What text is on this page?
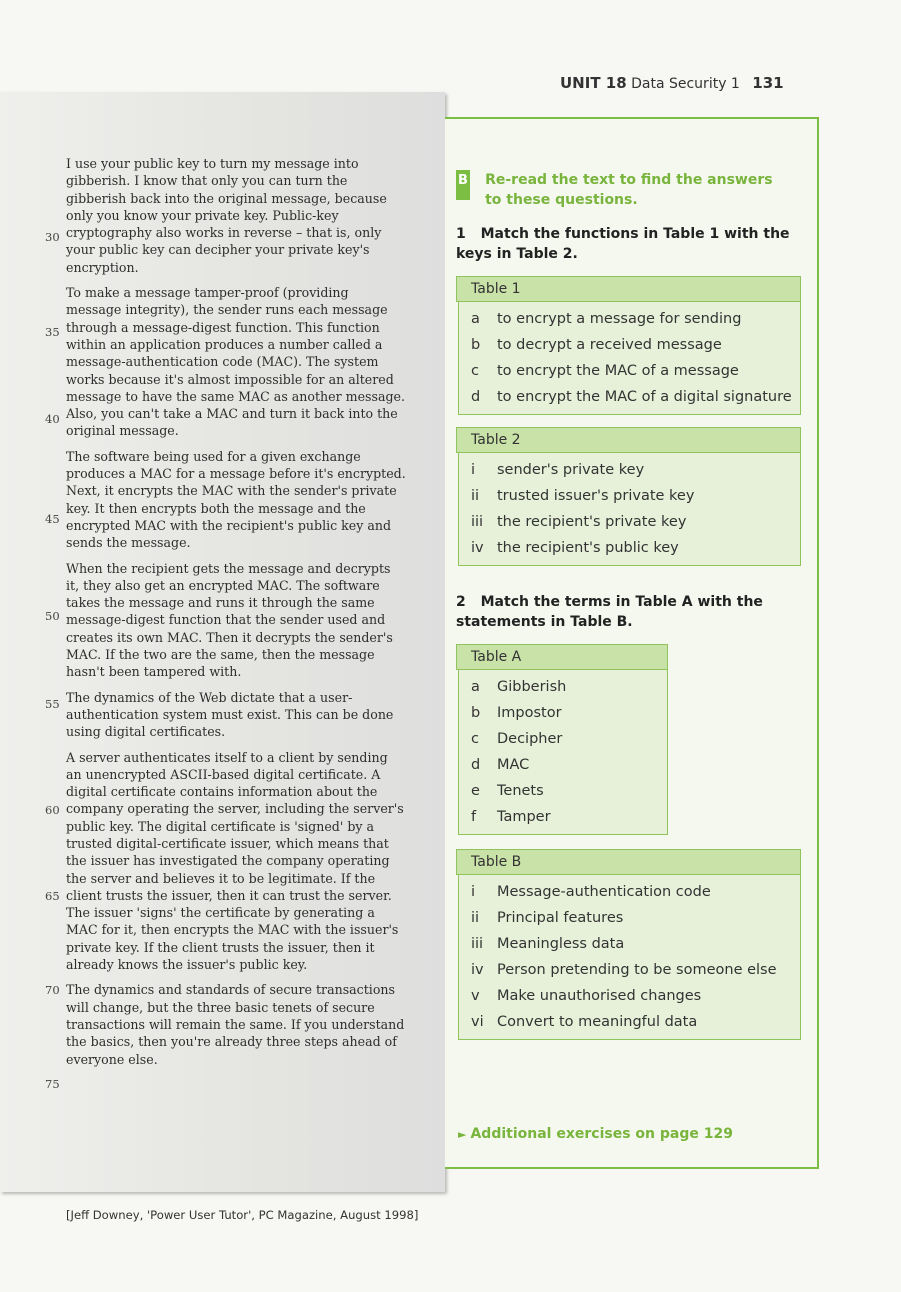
UNIT 18 Data Security 1 131

I use your public key to turn my message into gibberish. I know that only you can turn the gibberish back into the original message, because only you know your private key. Public-key cryptography also works in reverse – that is, only your public key can decipher your private key's encryption.

To make a message tamper-proof (providing message integrity), the sender runs each message through a message-digest function. This function within an application produces a number called a message-authentication code (MAC). The system works because it's almost impossible for an altered message to have the same MAC as another message. Also, you can't take a MAC and turn it back into the original message.

The software being used for a given exchange produces a MAC for a message before it's encrypted. Next, it encrypts the MAC with the sender's private key. It then encrypts both the message and the encrypted MAC with the recipient's public key and sends the message.

When the recipient gets the message and decrypts it, they also get an encrypted MAC. The software takes the message and runs it through the same message-digest function that the sender used and creates its own MAC. Then it decrypts the sender's MAC. If the two are the same, then the message hasn't been tampered with.

The dynamics of the Web dictate that a user-authentication system must exist. This can be done using digital certificates.

A server authenticates itself to a client by sending an unencrypted ASCII-based digital certificate. A digital certificate contains information about the company operating the server, including the server's public key. The digital certificate is 'signed' by a trusted digital-certificate issuer, which means that the issuer has investigated the company operating the server and believes it to be legitimate. If the client trusts the issuer, then it can trust the server. The issuer 'signs' the certificate by generating a MAC for it, then encrypts the MAC with the issuer's private key. If the client trusts the issuer, then it already knows the issuer's public key.

The dynamics and standards of secure transactions will change, but the three basic tenets of secure transactions will remain the same. If you understand the basics, then you're already three steps ahead of everyone else.

30
35
40
45
50
55
60
65
70
75
[Jeff Downey, 'Power User Tutor', PC Magazine, August 1998]
B Re-read the text to find the answers to these questions.
1 Match the functions in Table 1 with the keys in Table 2.
Table 1
a to encrypt a message for sending
b to decrypt a received message
c to encrypt the MAC of a message
d to encrypt the MAC of a digital signature
Table 2
i sender's private key
ii trusted issuer's private key
iii the recipient's private key
iv the recipient's public key
2 Match the terms in Table A with the statements in Table B.
Table A
a Gibberish
b Impostor
c Decipher
d MAC
e Tenets
f Tamper
Table B
i Message-authentication code
ii Principal features
iii Meaningless data
iv Person pretending to be someone else
v Make unauthorised changes
vi Convert to meaningful data
► Additional exercises on page 129
